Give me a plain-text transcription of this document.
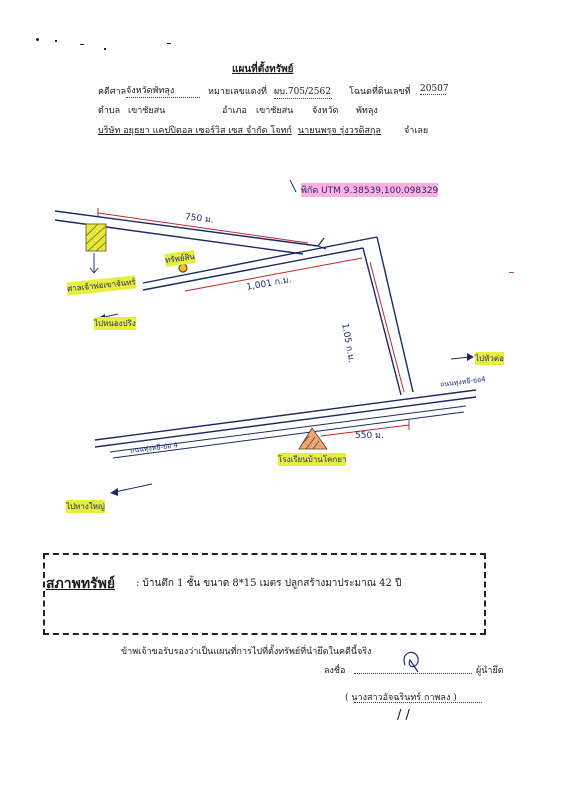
แผนที่ตั้งทรัพย์
คดีศาล จังหวัดพัทลุง	หมายเลขแดงที่ ผบ.705/2562 โฉนดที่ดินเลขที่ 20507
ตำบล เขาชัยสน	อำเภอ เขาชัยสน จังหวัด พัทลุง
บริษัท อยุธยา แคปปิตอล เซอร์วิส เซส จำกัด โจทก์ นายนพรุจ รุ่งวรดิสกุล	จำเลย
พิกัด UTM 9.38539,100.098329
750 ม.
1,001 ก.ม.
1.05 ก.ม.
550 ม.
ศาลเจ้าพ่อเขาจันทร์
ทรัพย์สิน
ไปหนองปริง
ไปหัวต่อ
ถนนทุ่งหยี-ย่อ4
ถนนทุ่งหยี-ย่อ 4
โรงเรียนบ้านโคกยา
ไปทางใหญ่
สภาพทรัพย์ : บ้านตึก 1 ชั้น ขนาด 8*15 เมตร ปลูกสร้างมาประมาณ 42 ปี
ข้าพเจ้าขอรับรองว่าเป็นแผนที่การไปที่ตั้งทรัพย์ที่นำยึดในคดีนี้จริง
ลงชื่อ	ผู้นำยึด
( นางสาวอัจฉรินทร์ กาพลง )
/ /
